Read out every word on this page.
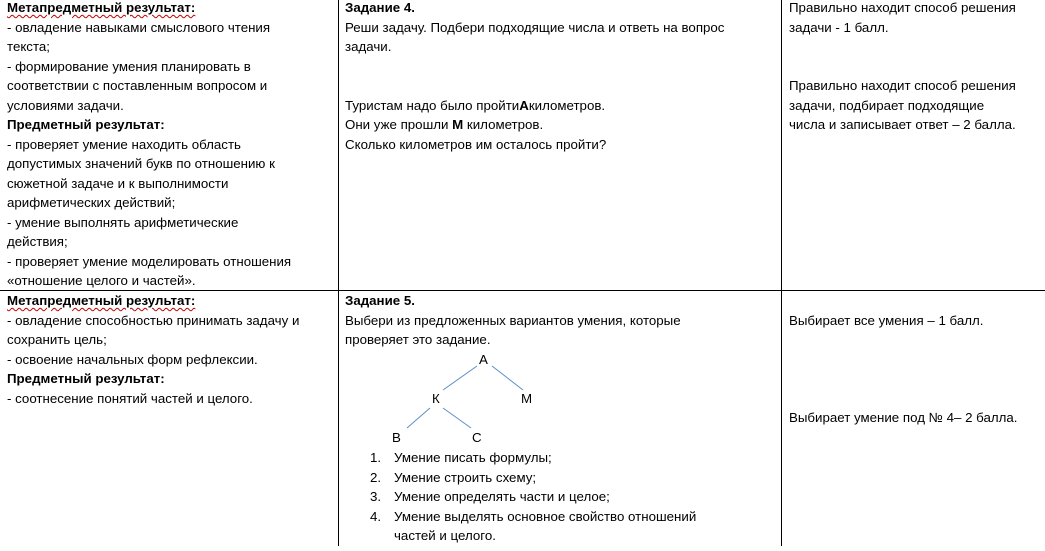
Метапредметный результат:

- овладение навыками смыслового чтения

текста;

- формирование умения планировать в

соответствии с поставленным вопросом и

условиями задачи.

Предметный результат:

- проверяет умение находить область

допустимых значений букв по отношению к

сюжетной задаче и к выполнимости

арифметических действий;

- умение выполнять арифметические

действия;

- проверяет умение моделировать отношения

«отношение целого и частей».

Задание 4.

Реши задачу. Подбери подходящие числа и ответь на вопрос

задачи.

Туристам надо было пройтиАкилометров.

Они уже прошли М километров.

Сколько километров им осталось пройти?

Правильно находит способ решения

задачи - 1 балл.

Правильно находит способ решения

задачи, подбирает подходящие

числа и записывает ответ – 2 балла.

Метапредметный результат:

- овладение способностью принимать задачу и

сохранить цель;

- освоение начальных форм рефлексии.

Предметный результат:

- соотнесение понятий частей и целого.

Задание 5.

Выбери из предложенных вариантов умения, которые

проверяет это задание.

А
К	М
В	С
1. Умение писать формулы;
2. Умение строить схему;
3. Умение определять части и целое;
4. Умение выделять основное свойство отношений
частей и целого.

Выбирает все умения – 1 балл.

Выбирает умение под № 4– 2 балла.
